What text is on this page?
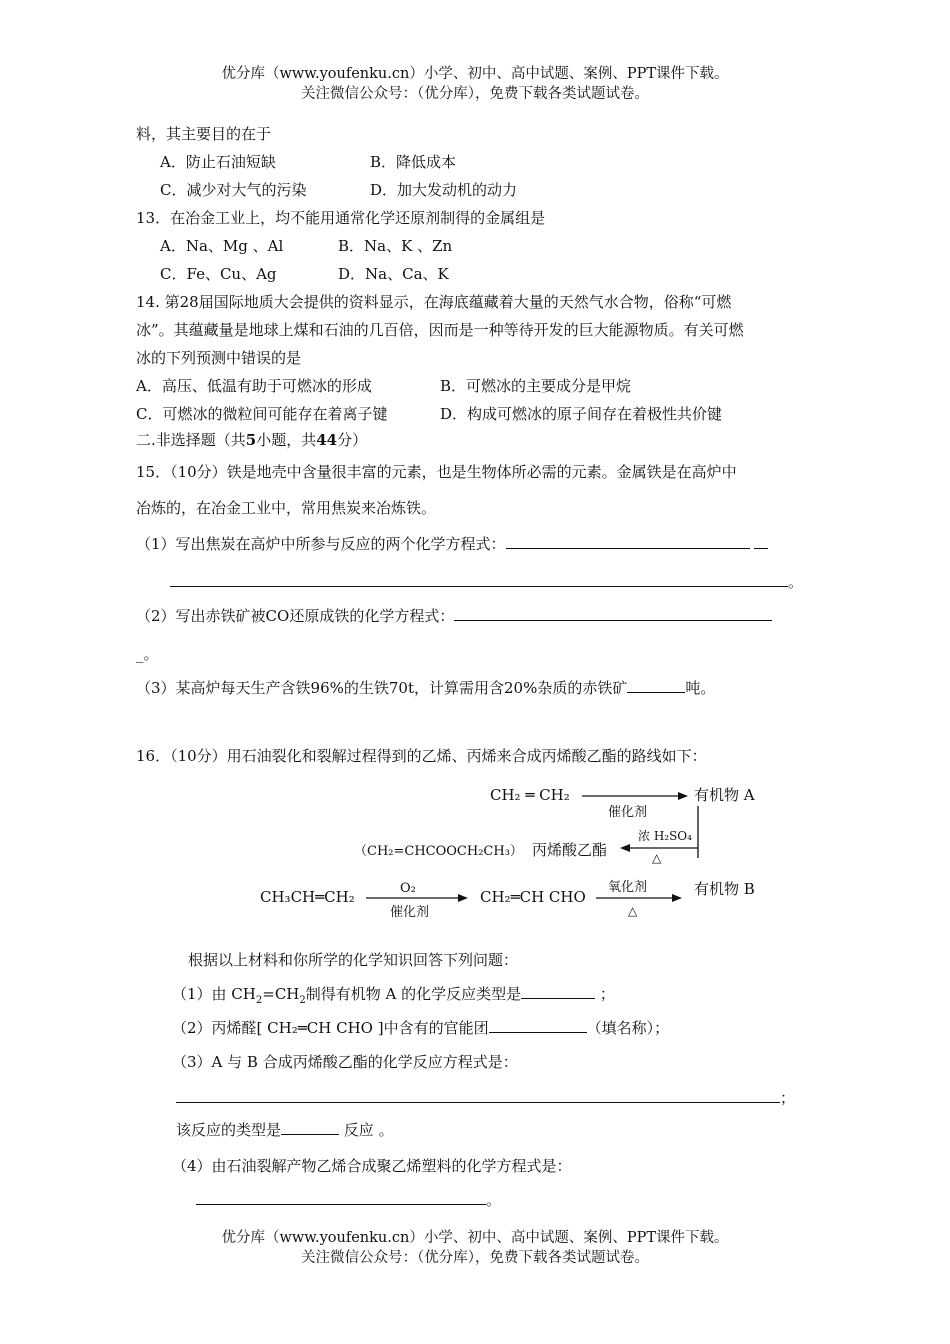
优分库（www.youfenku.cn）小学、初中、高中试题、案例、PPT课件下载。
关注微信公众号：（优分库），免费下载各类试题试卷。
料，其主要目的在于
A．防止石油短缺	B．降低成本
C．减少对大气的污染	D．加大发动机的动力
13．在冶金工业上，均不能用通常化学还原剂制得的金属组是
A．Na、Mg 、Al	B．Na、K 、Zn
C．Fe、Cu、Ag	D．Na、Ca、K
14. 第28届国际地质大会提供的资料显示，在海底蕴藏着大量的天然气水合物，俗称“可燃
冰”。其蕴藏量是地球上煤和石油的几百倍，因而是一种等待开发的巨大能源物质。有关可燃
冰的下列预测中错误的是
A．高压、低温有助于可燃冰的形成	B．可燃冰的主要成分是甲烷
C．可燃冰的微粒间可能存在着离子键	D．构成可燃冰的原子间存在着极性共价键
二.非选择题（共5小题，共44分）
15．（10分）铁是地壳中含量很丰富的元素，也是生物体所必需的元素。金属铁是在高炉中
冶炼的，在冶金工业中，常用焦炭来冶炼铁。
（1）写出焦炭在高炉中所参与反应的两个化学方程式：
。
（2）写出赤铁矿被CO还原成铁的化学方程式：
_。
（3）某高炉每天生产含铁96%的生铁70t，计算需用含20%杂质的赤铁矿	吨。
16．（10分）用石油裂化和裂解过程得到的乙烯、丙烯来合成丙烯酸乙酯的路线如下：
CH₂ ═ CH₂
催化剂
有机物 A
（CH₂=CHCOOCH₂CH₃） 丙烯酸乙酯
浓 H₂SO₄
△
CH₃CH═CH₂	O₂
催化剂
CH₂═CH CHO
氧化剂
△
有机物 B
根据以上材料和你所学的化学知识回答下列问题：
（1）由 $CH_2=CH_2$制得有机物 A 的化学反应类型是	；
（2）丙烯醛[ CH₂═CH CHO ]中含有的官能团	（填名称）；
（3）A 与 B 合成丙烯酸乙酯的化学反应方程式是：
；
该反应的类型是	反应 。
（4）由石油裂解产物乙烯合成聚乙烯塑料的化学方程式是：
。
优分库（www.youfenku.cn）小学、初中、高中试题、案例、PPT课件下载。
关注微信公众号：（优分库），免费下载各类试题试卷。
